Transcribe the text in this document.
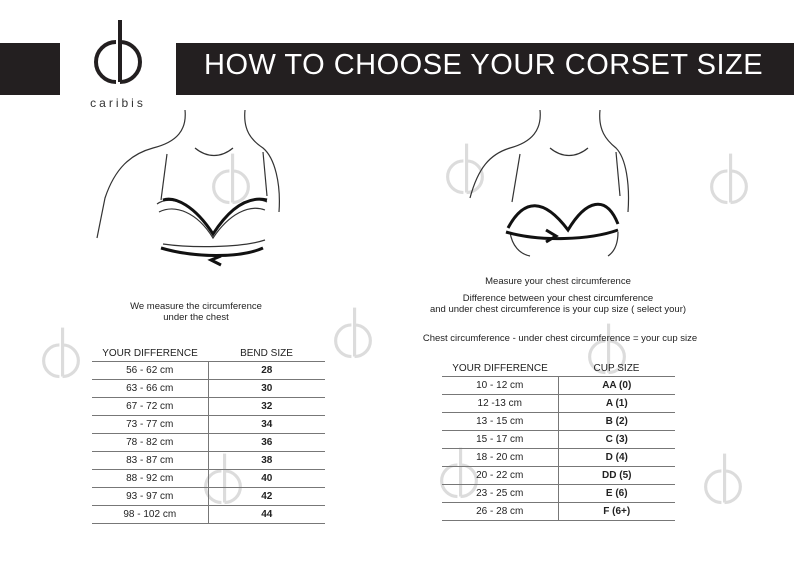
HOW TO CHOOSE YOUR CORSET SIZE
caribis
We measure the circumference
under the chest
Measure your chest circumference
Difference between your chest circumference
and under chest circumference is your cup size ( select your)
Chest circumference - under chest circumference = your cup size
YOUR DIFFERENCE	BEND SIZE
56 - 62 cm	28
63 - 66 cm	30
67 - 72 cm	32
73 - 77 cm	34
78 - 82 cm	36
83 - 87 cm	38
88 - 92 cm	40
93 - 97 cm	42
98 - 102 cm	44
YOUR DIFFERENCE	CUP SIZE
10 - 12 cm	AA (0)
12 -13 cm	A (1)
13 - 15 cm	B (2)
15 - 17 cm	C (3)
18 - 20 cm	D (4)
20 - 22 cm	DD (5)
23 - 25 cm	E (6)
26 - 28 cm	F (6+)
